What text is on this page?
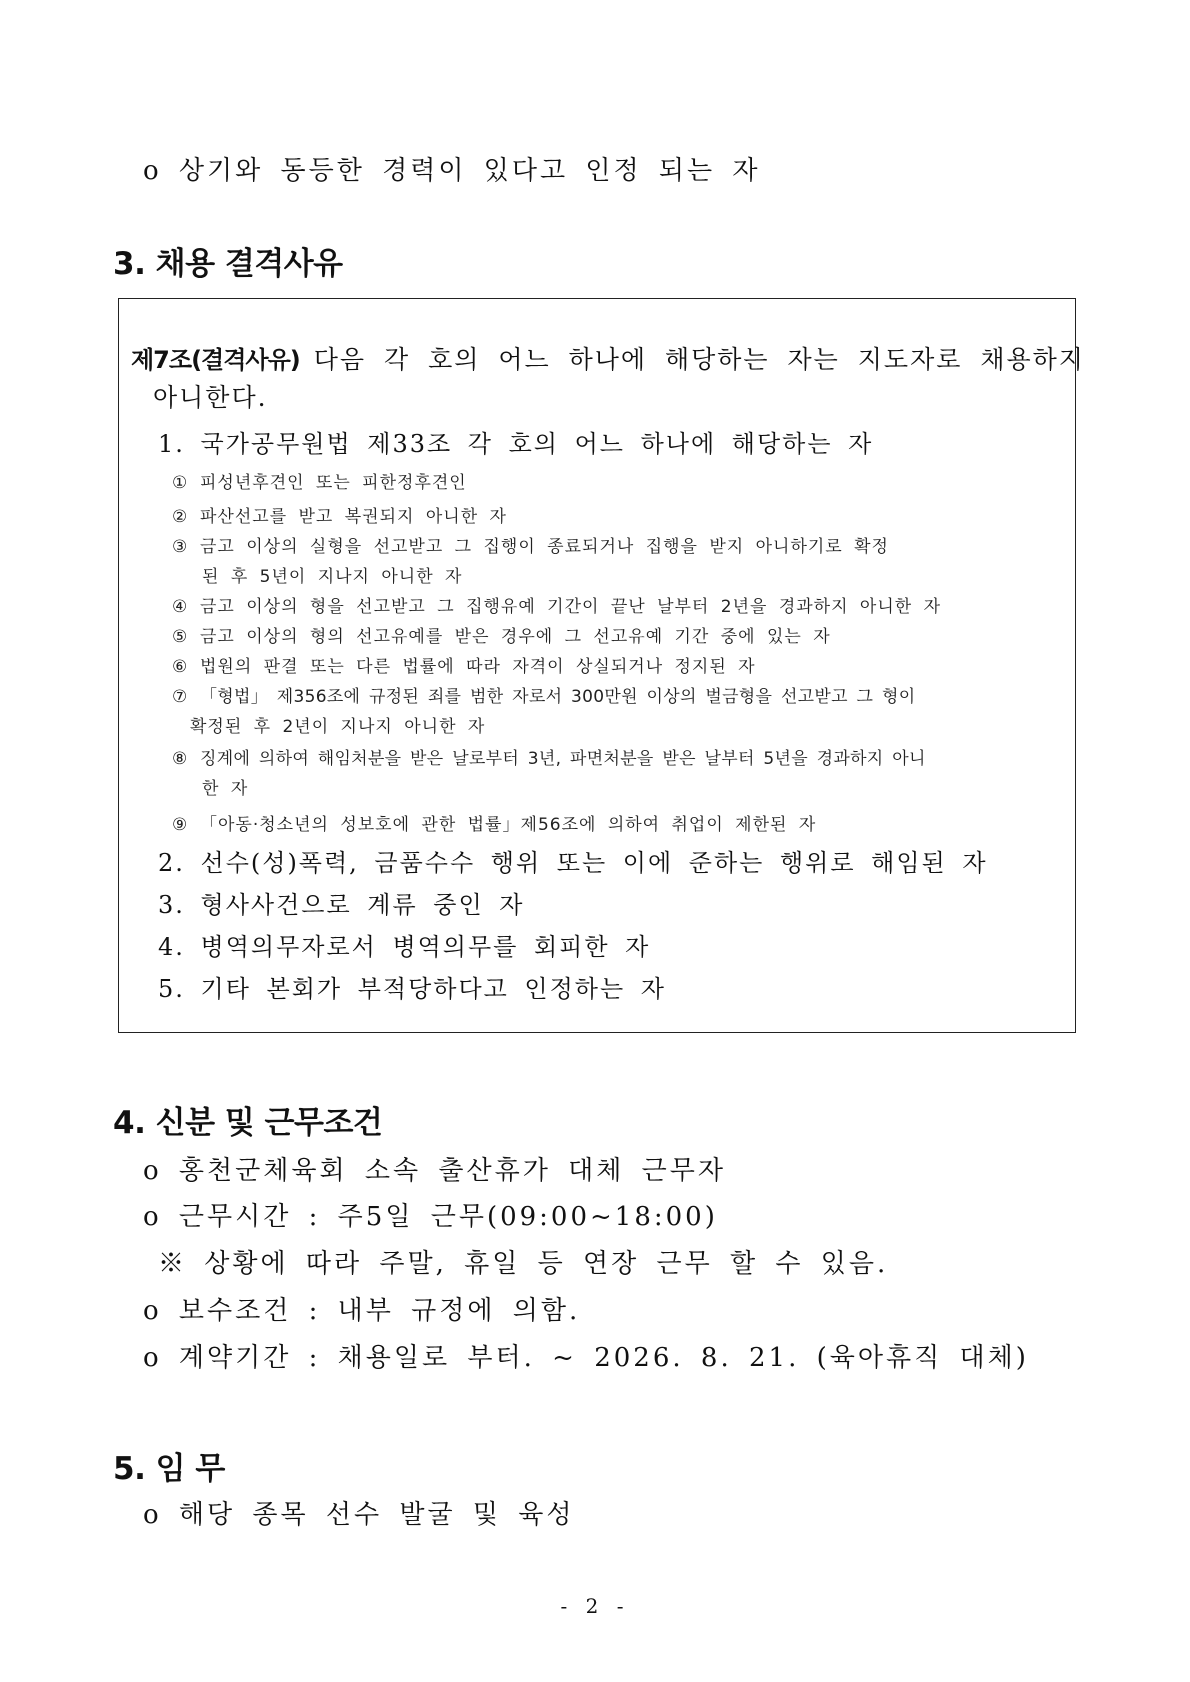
o 상기와 동등한 경력이 있다고 인정 되는 자
3. 채용 결격사유
제7조(결격사유) 다음 각 호의 어느 하나에 해당하는 자는 지도자로 채용하지
아니한다.
1. 국가공무원법 제33조 각 호의 어느 하나에 해당하는 자
① 피성년후견인 또는 피한정후견인
② 파산선고를 받고 복권되지 아니한 자
③ 금고 이상의 실형을 선고받고 그 집행이 종료되거나 집행을 받지 아니하기로 확정
된 후 5년이 지나지 아니한 자
④ 금고 이상의 형을 선고받고 그 집행유예 기간이 끝난 날부터 2년을 경과하지 아니한 자
⑤ 금고 이상의 형의 선고유예를 받은 경우에 그 선고유예 기간 중에 있는 자
⑥ 법원의 판결 또는 다른 법률에 따라 자격이 상실되거나 정지된 자
⑦ 「형법」 제356조에 규정된 죄를 범한 자로서 300만원 이상의 벌금형을 선고받고 그 형이
확정된 후 2년이 지나지 아니한 자
⑧ 징계에 의하여 해임처분을 받은 날로부터 3년, 파면처분을 받은 날부터 5년을 경과하지 아니
한 자
⑨ 「아동·청소년의 성보호에 관한 법률」제56조에 의하여 취업이 제한된 자
2. 선수(성)폭력, 금품수수 행위 또는 이에 준하는 행위로 해임된 자
3. 형사사건으로 계류 중인 자
4. 병역의무자로서 병역의무를 회피한 자
5. 기타 본회가 부적당하다고 인정하는 자
4. 신분 및 근무조건
o 홍천군체육회 소속 출산휴가 대체 근무자
o 근무시간 : 주5일 근무(09:00~18:00)
※ 상황에 따라 주말, 휴일 등 연장 근무 할 수 있음.
o 보수조건 : 내부 규정에 의함.
o 계약기간 : 채용일로 부터. ~ 2026. 8. 21. (육아휴직 대체)
5. 임 무
o 해당 종목 선수 발굴 및 육성
- 2 -
